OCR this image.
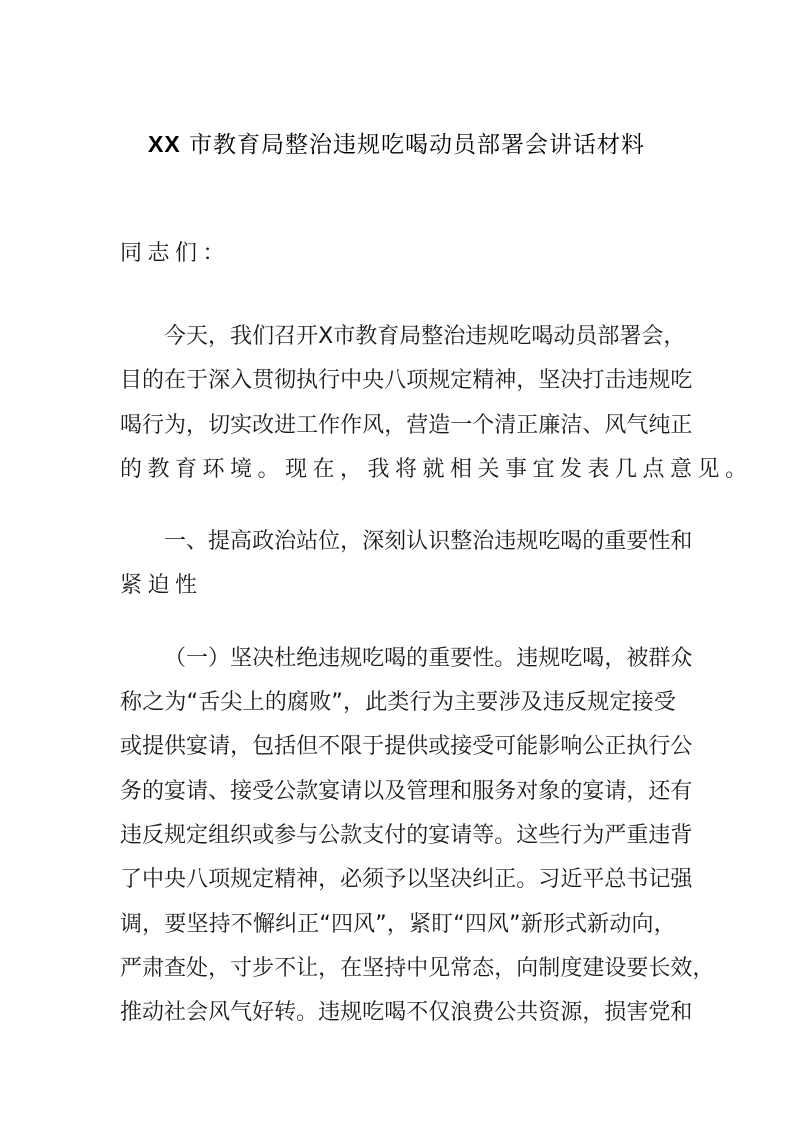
XX 市教育局整治违规吃喝动员部署会讲话材料
同志们：
今 天 ， 我 们 召 开 X 市 教 育 局 整 治 违 规 吃 喝 动 员 部 署 会 ，
目 的 在 于 深 入 贯 彻 执 行 中 央 八 项 规 定 精 神 ， 坚 决 打 击 违 规 吃
喝 行 为 ， 切 实 改 进 工 作 作 风 ， 营 造 一 个 清 正 廉 洁 、 风 气 纯 正
的教育环境。现在，我将就相关事宜发表几点意见。
一 、 提 高 政 治 站 位 ， 深 刻 认 识 整 治 违 规 吃 喝 的 重 要 性 和
紧迫性
（ 一 ） 坚 决 杜 绝 违 规 吃 喝 的 重 要 性 。 违 规 吃 喝 ， 被 群 众
称 之 为 “ 舌 尖 上 的 腐 败 ” ， 此 类 行 为 主 要 涉 及 违 反 规 定 接 受
或 提 供 宴 请 ， 包 括 但 不 限 于 提 供 或 接 受 可 能 影 响 公 正 执 行 公
务 的 宴 请 、 接 受 公 款 宴 请 以 及 管 理 和 服 务 对 象 的 宴 请 ， 还 有
违 反 规 定 组 织 或 参 与 公 款 支 付 的 宴 请 等 。 这 些 行 为 严 重 违 背
了 中 央 八 项 规 定 精 神 ， 必 须 予 以 坚 决 纠 正 。 习 近 平 总 书 记 强
调 ， 要 坚 持 不 懈 纠 正 “ 四 风 ” ， 紧 盯 “ 四 风 ” 新 形 式 新 动 向 ，
严 肃 查 处 ， 寸 步 不 让 ， 在 坚 持 中 见 常 态 ， 向 制 度 建 设 要 长 效 ，
推 动 社 会 风 气 好 转 。 违 规 吃 喝 不 仅 浪 费 公 共 资 源 ， 损 害 党 和
